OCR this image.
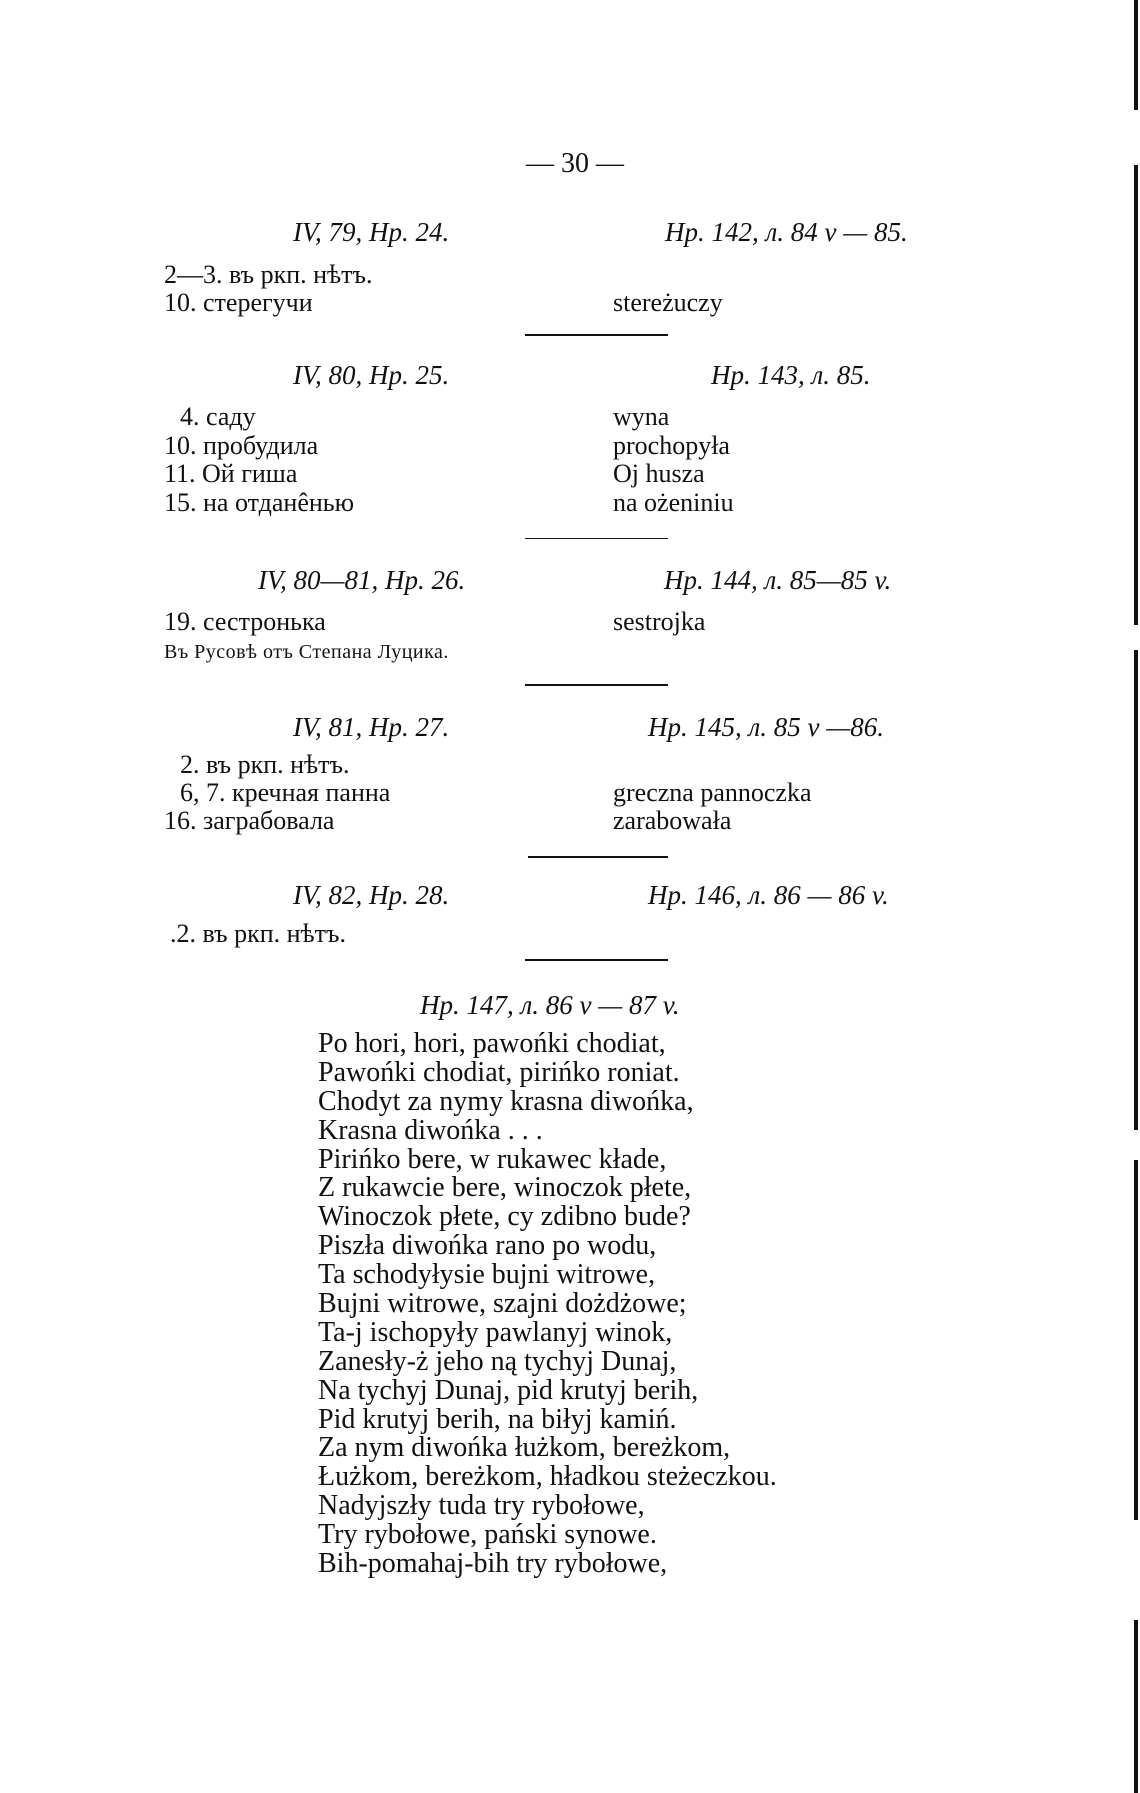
— 30 —
IV, 79, Hp. 24.	Hp. 142, л. 84 v — 85.
2—3. въ ркп. нѣтъ.
10. стерегучи	stereżuczy
IV, 80, Hp. 25.	Hp. 143, л. 85.
4. саду	wyna
10. пробудила	prochopyła
11. Ой гиша	Oj husza
15. на отданêнью	na ożeniniu
IV, 80—81, Hp. 26.	Hp. 144, л. 85—85 v.
19. сестронька	sestrojka
Въ Русовѣ отъ Степана Луцика.
IV, 81, Hp. 27.	Hp. 145, л. 85 v —86.
2. въ ркп. нѣтъ.
6, 7. кречная панна	greczna pannoczka
16. заграбовала	zarabowała
IV, 82, Hp. 28.	Hp. 146, л. 86 — 86 v.
.2. въ ркп. нѣтъ.
Hp. 147, л. 86 v — 87 v.
Po hori, hori, pawońki chodiat,
Pawońki chodiat, pirińko roniat.
Chodyt za nymy krasna diwońka,
Krasna diwońka . . .
Pirińko bere, w rukawec kłade,
Z rukawcie bere, winoczok płete,
Winoczok płete, cy zdibno bude?
Piszła diwońka rano po wodu,
Ta schodyłysie bujni witrowe,
Bujni witrowe, szajni dożdżowe;
Ta-j ischopyły pawlanyj winok,
Zanesły-ż jeho ną tychyj Dunaj,
Na tychyj Dunaj, pid krutyj berih,
Pid krutyj berih, na biłyj kamiń.
Za nym diwońka łużkom, bereżkom,
Łużkom, bereżkom, hładkou steżeczkou.
Nadyjszły tuda try rybołowe,
Try rybołowe, pański synowe.
Bih-pomahaj-bih try rybołowe,
